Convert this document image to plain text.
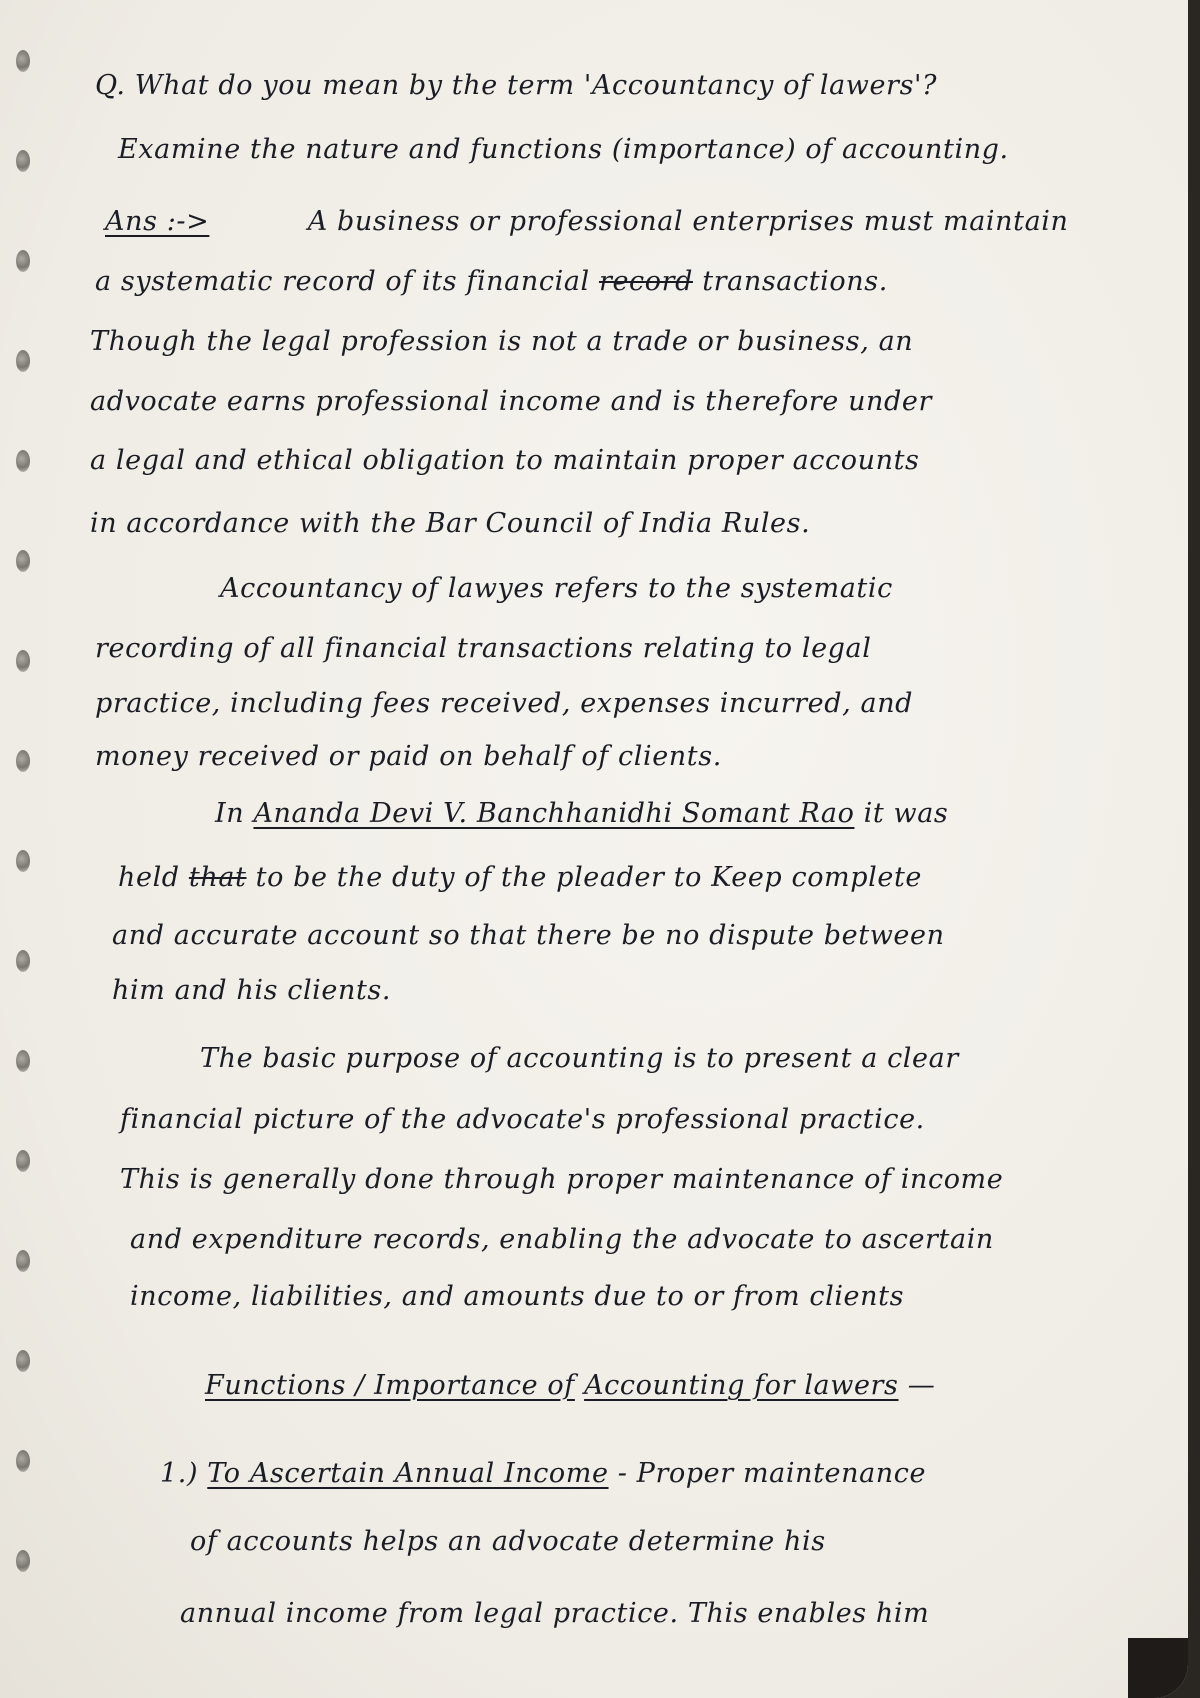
Q. What do you mean by the term 'Accountancy of lawers'?
Examine the nature and functions (importance) of accounting.
Ans :->	A business or professional enterprises must maintain
a systematic record of its financial record transactions.
Though the legal profession is not a trade or business, an
advocate earns professional income and is therefore under
a legal and ethical obligation to maintain proper accounts
in accordance with the Bar Council of India Rules.
Accountancy of lawyes refers to the systematic
recording of all financial transactions relating to legal
practice, including fees received, expenses incurred, and
money received or paid on behalf of clients.
In Ananda Devi V. Banchhanidhi Somant Rao it was
held that to be the duty of the pleader to Keep complete
and accurate account so that there be no dispute between
him and his clients.
The basic purpose of accounting is to present a clear
financial picture of the advocate's professional practice.
This is generally done through proper maintenance of income
and expenditure records, enabling the advocate to ascertain
income, liabilities, and amounts due to or from clients
Functions / Importance of Accounting for lawers —
1.) To Ascertain Annual Income - Proper maintenance
of accounts helps an advocate determine his
annual income from legal practice. This enables him
